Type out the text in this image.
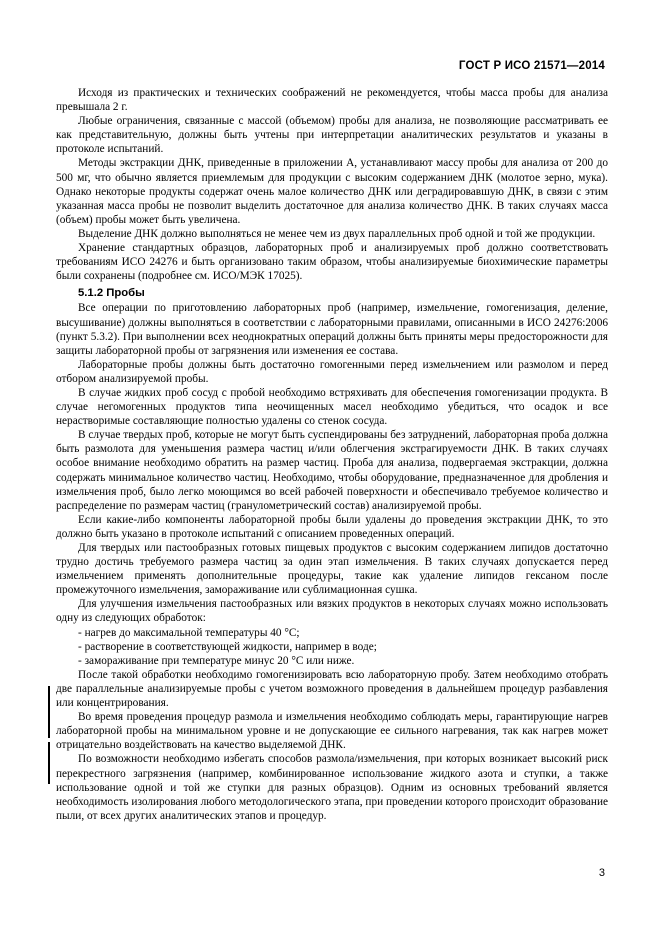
ГОСТ Р ИСО 21571—2014

Исходя из практических и технических соображений не рекомендуется, чтобы масса пробы для анализа превышала 2 г.

Любые ограничения, связанные с массой (объемом) пробы для анализа, не позволяющие рассматривать ее как представительную, должны быть учтены при интерпретации аналитических результатов и указаны в протоколе испытаний.

Методы экстракции ДНК, приведенные в приложении А, устанавливают массу пробы для анализа от 200 до 500 мг, что обычно является приемлемым для продукции с высоким содержанием ДНК (молотое зерно, мука). Однако некоторые продукты содержат очень малое количество ДНК или деградировавшую ДНК, в связи с этим указанная масса пробы не позволит выделить достаточное для анализа количество ДНК. В таких случаях масса (объем) пробы может быть увеличена.

Выделение ДНК должно выполняться не менее чем из двух параллельных проб одной и той же продукции.

Хранение стандартных образцов, лабораторных проб и анализируемых проб должно соответствовать требованиям ИСО 24276 и быть организовано таким образом, чтобы анализируемые биохимические параметры были сохранены (подробнее см. ИСО/МЭК 17025).

5.1.2 Пробы

Все операции по приготовлению лабораторных проб (например, измельчение, гомогенизация, деление, высушивание) должны выполняться в соответствии с лабораторными правилами, описанными в ИСО 24276:2006 (пункт 5.3.2). При выполнении всех неоднократных операций должны быть приняты меры предосторожности для защиты лабораторной пробы от загрязнения или изменения ее состава.

Лабораторные пробы должны быть достаточно гомогенными перед измельчением или размолом и перед отбором анализируемой пробы.

В случае жидких проб сосуд с пробой необходимо встряхивать для обеспечения гомогенизации продукта. В случае негомогенных продуктов типа неочищенных масел необходимо убедиться, что осадок и все нерастворимые составляющие полностью удалены со стенок сосуда.

В случае твердых проб, которые не могут быть суспендированы без затруднений, лабораторная проба должна быть размолота для уменьшения размера частиц и/или облегчения экстрагируемости ДНК. В таких случаях особое внимание необходимо обратить на размер частиц. Проба для анализа, подвергаемая экстракции, должна содержать минимальное количество частиц. Необходимо, чтобы оборудование, предназначенное для дробления и измельчения проб, было легко моющимся во всей рабочей поверхности и обеспечивало требуемое количество и распределение по размерам частиц (гранулометрический состав) анализируемой пробы.

Если какие-либо компоненты лабораторной пробы были удалены до проведения экстракции ДНК, то это должно быть указано в протоколе испытаний с описанием проведенных операций.

Для твердых или пастообразных готовых пищевых продуктов с высоким содержанием липидов достаточно трудно достичь требуемого размера частиц за один этап измельчения. В таких случаях допускается перед измельчением применять дополнительные процедуры, такие как удаление липидов гексаном после промежуточного измельчения, замораживание или сублимационная сушка.

Для улучшения измельчения пастообразных или вязких продуктов в некоторых случаях можно использовать одну из следующих обработок:

- нагрев до максимальной температуры 40 °С;

- растворение в соответствующей жидкости, например в воде;

- замораживание при температуре минус 20 °С или ниже.

После такой обработки необходимо гомогенизировать всю лабораторную пробу. Затем необходимо отобрать две параллельные анализируемые пробы с учетом возможного проведения в дальнейшем процедур разбавления или концентрирования.

Во время проведения процедур размола и измельчения необходимо соблюдать меры, гарантирующие нагрев лабораторной пробы на минимальном уровне и не допускающие ее сильного нагревания, так как нагрев может отрицательно воздействовать на качество выделяемой ДНК.

По возможности необходимо избегать способов размола/измельчения, при которых возникает высокий риск перекрестного загрязнения (например, комбинированное использование жидкого азота и ступки, а также использование одной и той же ступки для разных образцов). Одним из основных требований является необходимость изолирования любого методологического этапа, при проведении которого происходит образование пыли, от всех других аналитических этапов и процедур.

3
